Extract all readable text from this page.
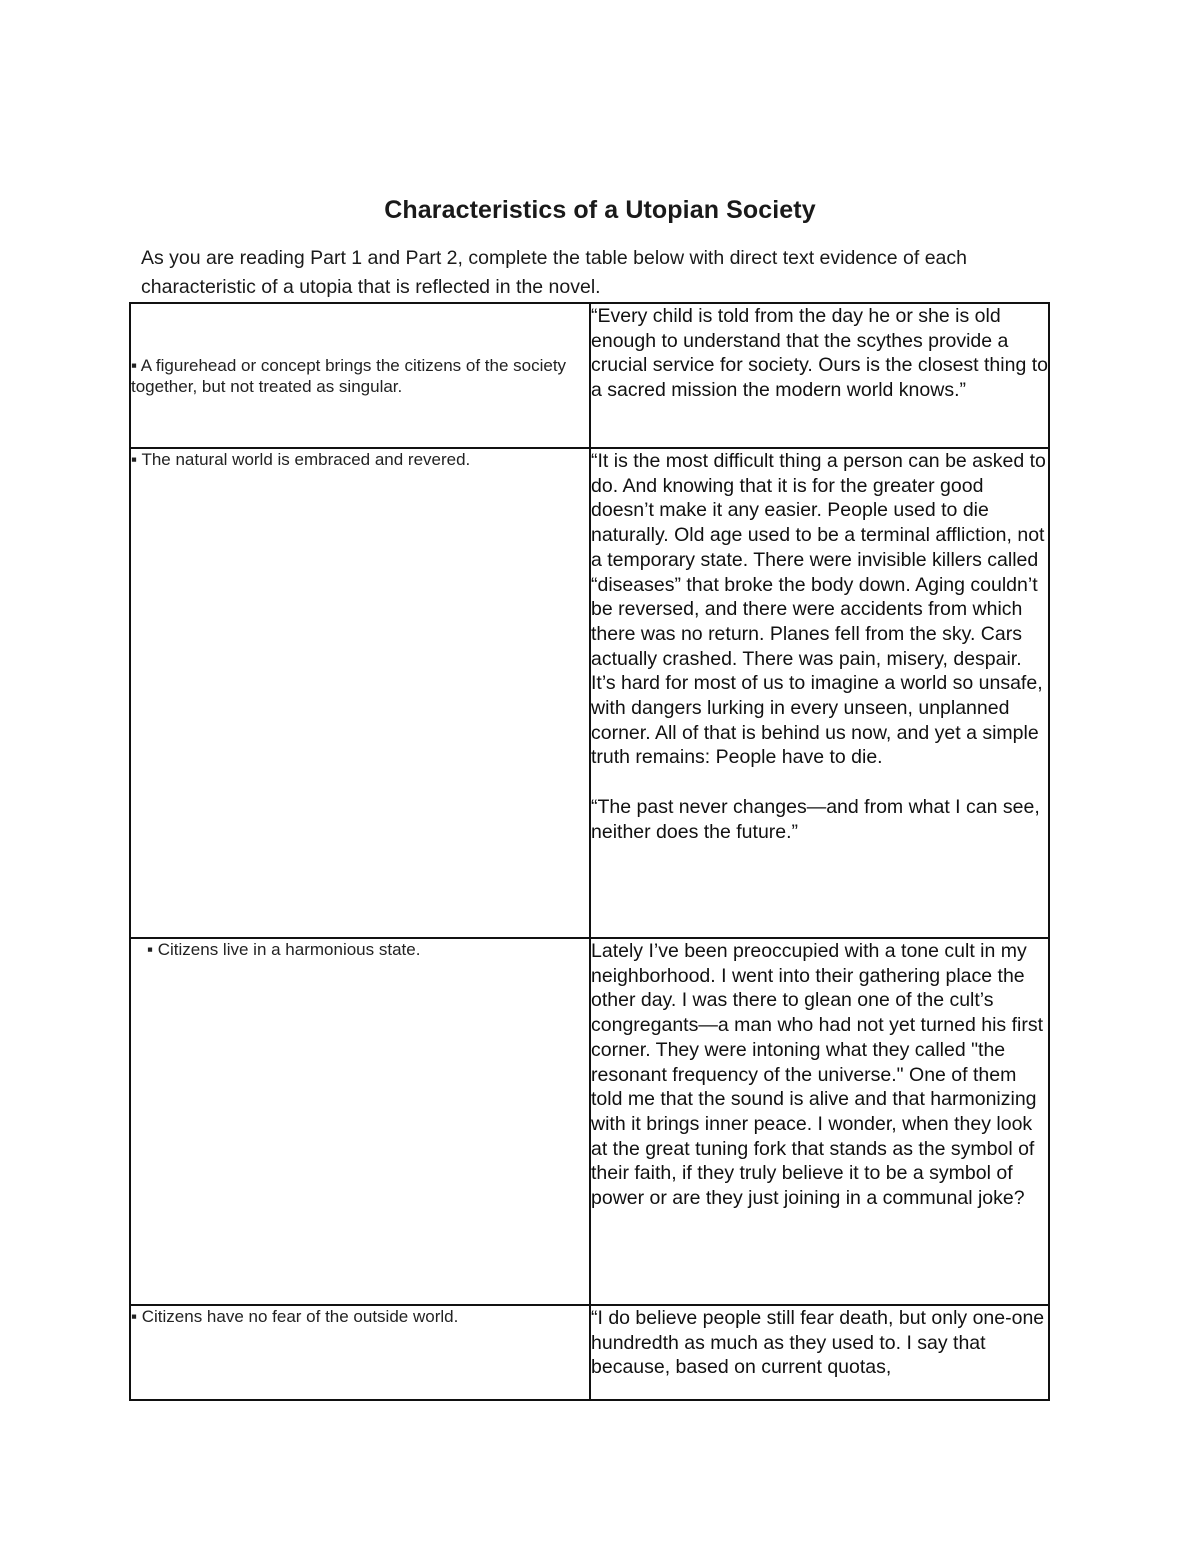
Characteristics of a Utopian Society

As you are reading Part 1 and Part 2, complete the table below with direct text evidence of each characteristic of a utopia that is reflected in the novel.

▪ A figurehead or concept brings the citizens of the society together, but not treated as singular.	“Every child is told from the day he or she is old enough to understand that the scythes provide a crucial service for society. Ours is the closest thing to a sacred mission the modern world knows.”

▪ The natural world is embraced and revered.	“It is the most difficult thing a person can be asked to do. And knowing that it is for the greater good doesn’t make it any easier. People used to die naturally. Old age used to be a terminal affliction, not a temporary state. There were invisible killers called “diseases” that broke the body down. Aging couldn’t be reversed, and there were accidents from which there was no return. Planes fell from the sky. Cars actually crashed. There was pain, misery, despair. It’s hard for most of us to imagine a world so unsafe, with dangers lurking in every unseen, unplanned corner. All of that is behind us now, and yet a simple truth remains: People have to die.

“The past never changes—and from what I can see, neither does the future.”

▪ Citizens live in a harmonious state.	Lately I’ve been preoccupied with a tone cult in my neighborhood. I went into their gathering place the other day. I was there to glean one of the cult’s congregants—a man who had not yet turned his first corner. They were intoning what they called "the resonant frequency of the universe." One of them told me that the sound is alive and that harmonizing with it brings inner peace. I wonder, when they look at the great tuning fork that stands as the symbol of their faith, if they truly believe it to be a symbol of power or are they just joining in a communal joke?

▪ Citizens have no fear of the outside world.	“I do believe people still fear death, but only one-one hundredth as much as they used to. I say that because, based on current quotas,
